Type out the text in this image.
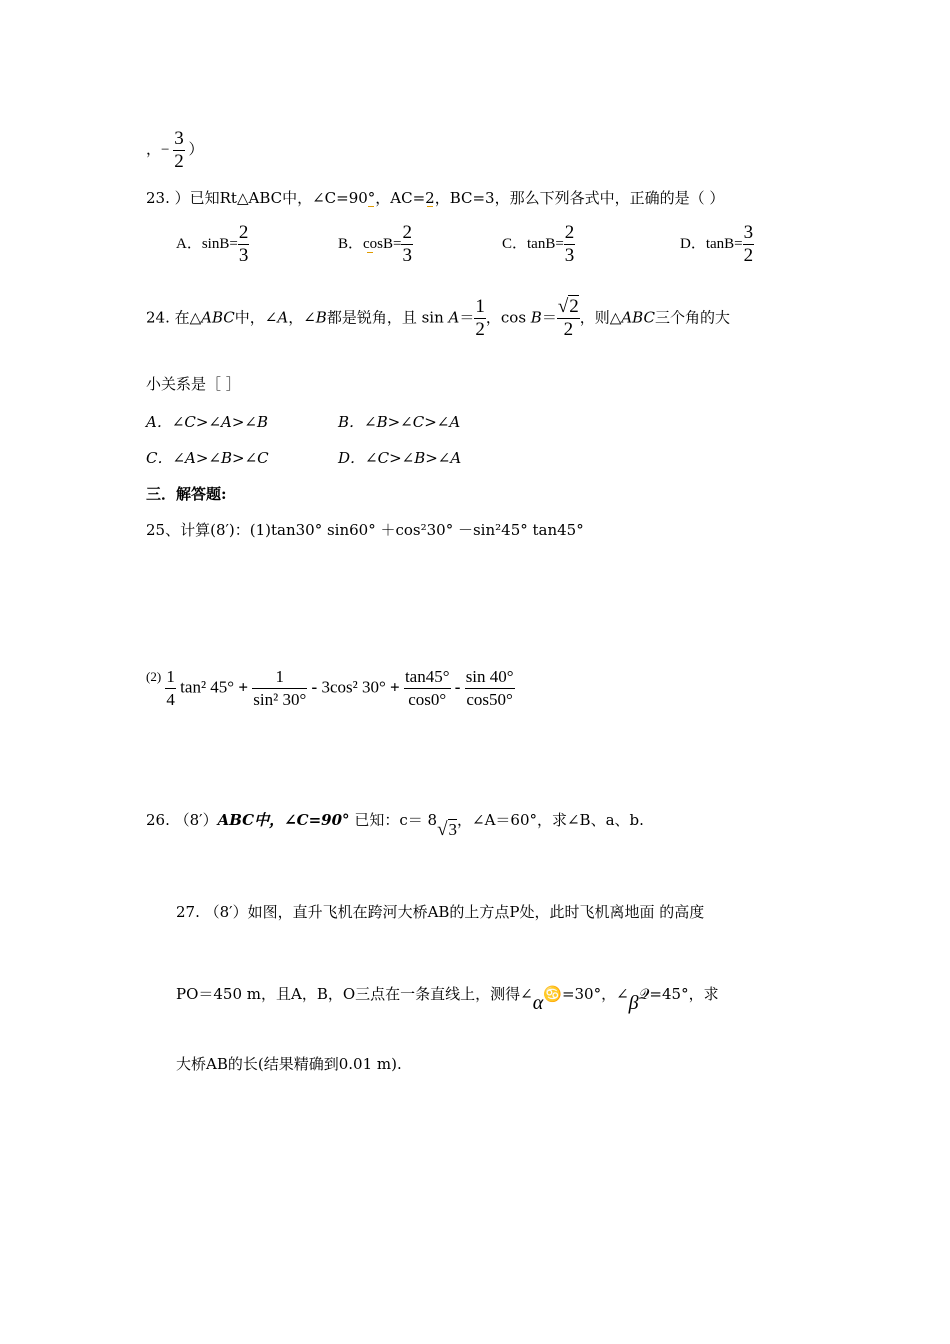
，− $\frac{3}{2}$ ）
23. ）已知Rt△ABC中，∠C=90°，AC=2，BC=3，那么下列各式中，正确的是（ ）
A．$\sin B= \frac{2}{3}$	B．$\cos B= \frac{2}{3}$	C．$\tan B= \frac{2}{3}$	D．$\tan B= \frac{3}{2}$
24. 在△ABC中，∠A，∠B都是锐角，且 $\sin A= \frac{1}{2}$ ，$\cos B= \frac{√2}{2}$ ，则△ABC三个角的大
小关系是［ ］
A．∠C>∠A>∠B	B．∠B>∠C>∠A
C．∠A>∠B>∠C	D．∠C>∠B>∠A
三．解答题:
25、计算(8′)：(1)tan30° sin60° ＋cos²30° －sin²45° tan45°
$^{(2)} \frac{1}{4} \tan^2$ $45^\circ + \frac{1}{\text{sin² 30°}} - 3\cos^2$ $30^\circ + \frac{\tan 45^\circ}{\cos 0^\circ} - \frac{\sin 40^\circ}{\cos 50^\circ}$
26. （8′）ABC中，∠C=90° 已知：c＝ 8√3，∠A＝60°，求∠B、a、b.
27. （8′）如图，直升飞机在跨河大桥AB的上方点P处，此时飞机离地面 的高度
PO＝450 m，且A，B，O三点在一条直线上，测得∠α♋=30°，∠β𝒬=45°，求
大桥AB的长(结果精确到0.01 m).
